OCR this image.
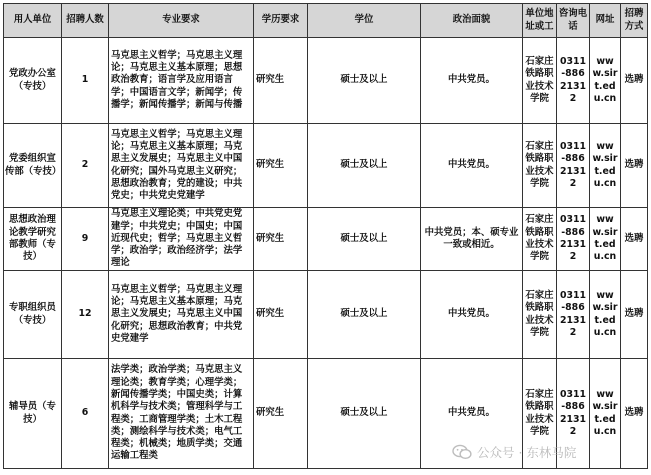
用人单位	招聘人数	专业要求	学历要求	学位	政治面貌	单位地址或工	咨询电话	网址	招聘方式
党政办公室（专技）	1	马克思主义哲学；马克思主义理论；马克思主义基本原理；思想政治教育；语言学及应用语言学；中国语言文学；新闻学；传播学；新闻传播学；新闻与传播	研究生	硕士及以上	中共党员。	石家庄铁路职业技术学院	0311-88621312	www.sirt.edu.cn	选聘
党委组织宣传部（专技）	2	马克思主义哲学；马克思主义理论；马克思主义基本原理；马克思主义发展史；马克思主义中国化研究；国外马克思主义研究；思想政治教育；党的建设；中共党史；中共党史党建学	研究生	硕士及以上	中共党员。	石家庄铁路职业技术学院	0311-88621312	www.sirt.edu.cn	选聘
思想政治理论教学研究部教师（专技）	9	马克思主义理论类；中共党史党建学；中共党史；中国史；中国近现代史；哲学；马克思主义哲学；政治学；政治经济学；法学理论	研究生	硕士及以上	中共党员；本、硕专业一致或相近。	石家庄铁路职业技术学院	0311-88621312	www.sirt.edu.cn	选聘
专职组织员（专技）	12	马克思主义哲学；马克思主义理论；马克思主义基本原理；马克思主义发展史；马克思主义中国化研究；思想政治教育；中共党史党建学	研究生	硕士及以上	中共党员。	石家庄铁路职业技术学院	0311-88621312	www.sirt.edu.cn	选聘
辅导员（专技）	6	法学类；政治学类；马克思主义理论类；教育学类；心理学类；新闻传播学类；中国史类；计算机科学与技术类；管理科学与工程类；工商管理学类；土木工程类；测绘科学与技术类；电气工程类；机械类；地质学类；交通运输工程类	研究生	硕士及以上	中共党员。	石家庄铁路职业技术学院	0311-88621312	www.sirt.edu.cn	选聘
公众号 · 东林马院
